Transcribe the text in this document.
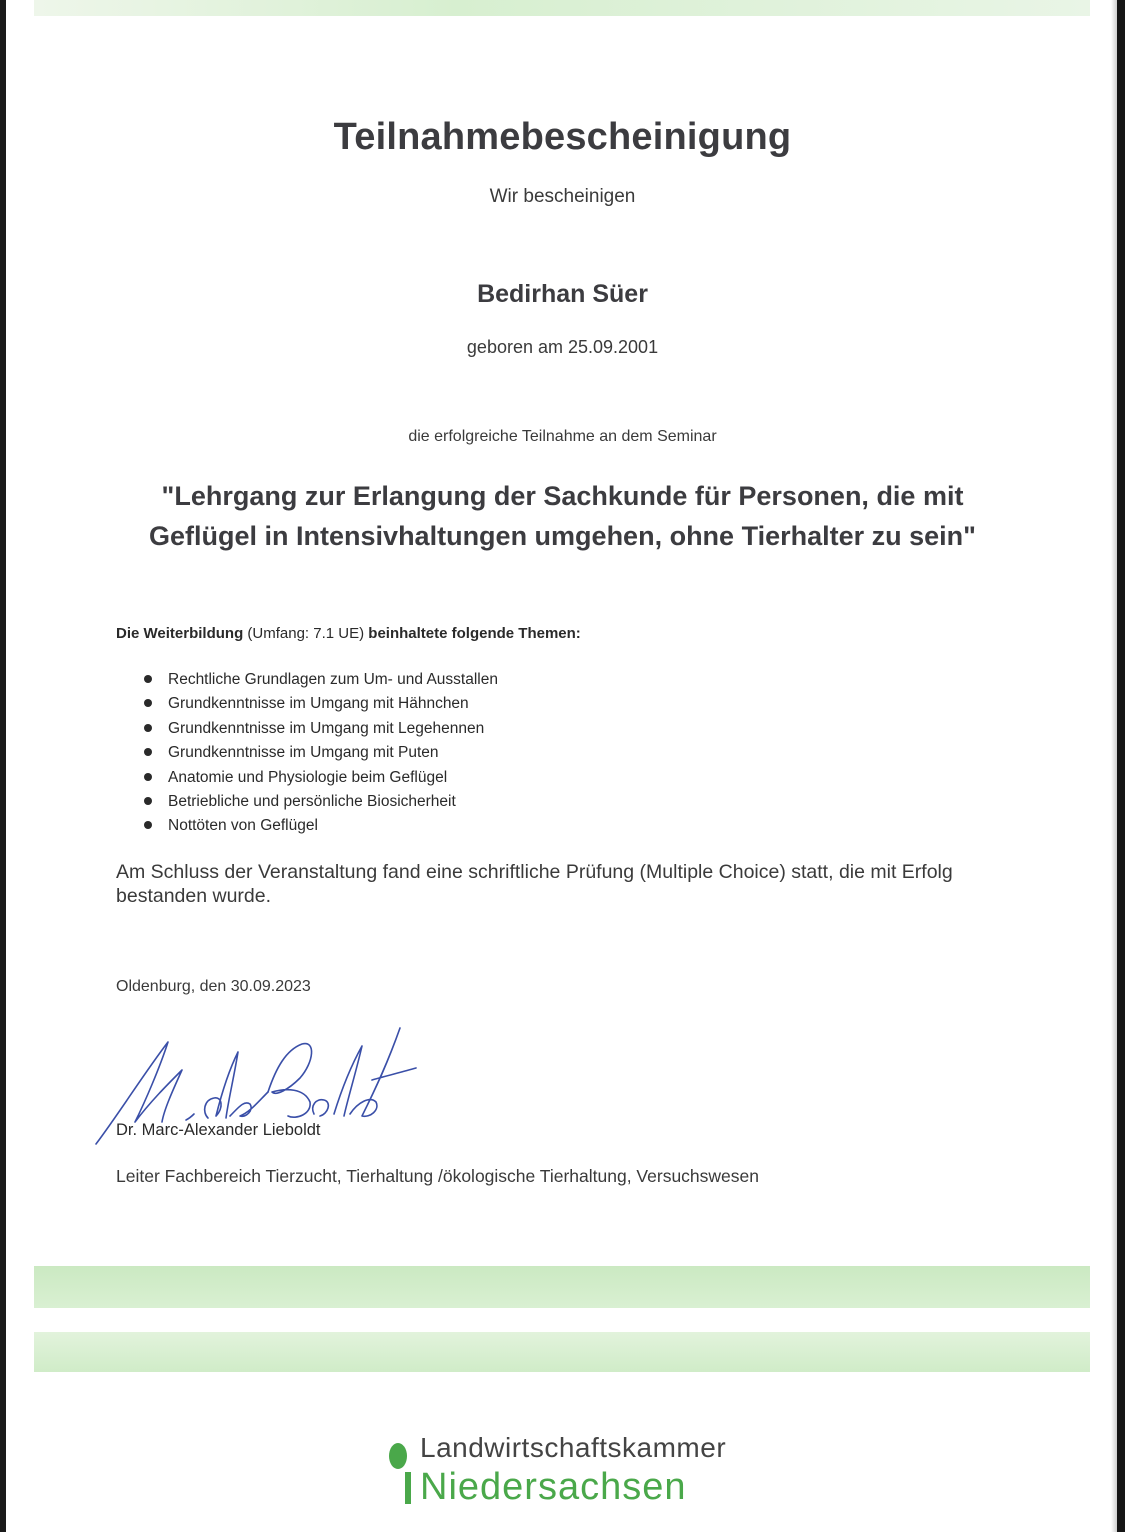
Teilnahmebescheinigung
Wir bescheinigen
Bedirhan Süer
geboren am 25.09.2001
die erfolgreiche Teilnahme an dem Seminar
"Lehrgang zur Erlangung der Sachkunde für Personen, die mit
Geflügel in Intensivhaltungen umgehen, ohne Tierhalter zu sein"
Die Weiterbildung (Umfang: 7.1 UE) beinhaltete folgende Themen:
Rechtliche Grundlagen zum Um- und Ausstallen
Grundkenntnisse im Umgang mit Hähnchen
Grundkenntnisse im Umgang mit Legehennen
Grundkenntnisse im Umgang mit Puten
Anatomie und Physiologie beim Geflügel
Betriebliche und persönliche Biosicherheit
Nottöten von Geflügel
Am Schluss der Veranstaltung fand eine schriftliche Prüfung (Multiple Choice) statt, die mit Erfolg bestanden wurde.
Oldenburg, den 30.09.2023
Dr. Marc-Alexander Lieboldt
Leiter Fachbereich Tierzucht, Tierhaltung /ökologische Tierhaltung, Versuchswesen
Landwirtschaftskammer
Niedersachsen
